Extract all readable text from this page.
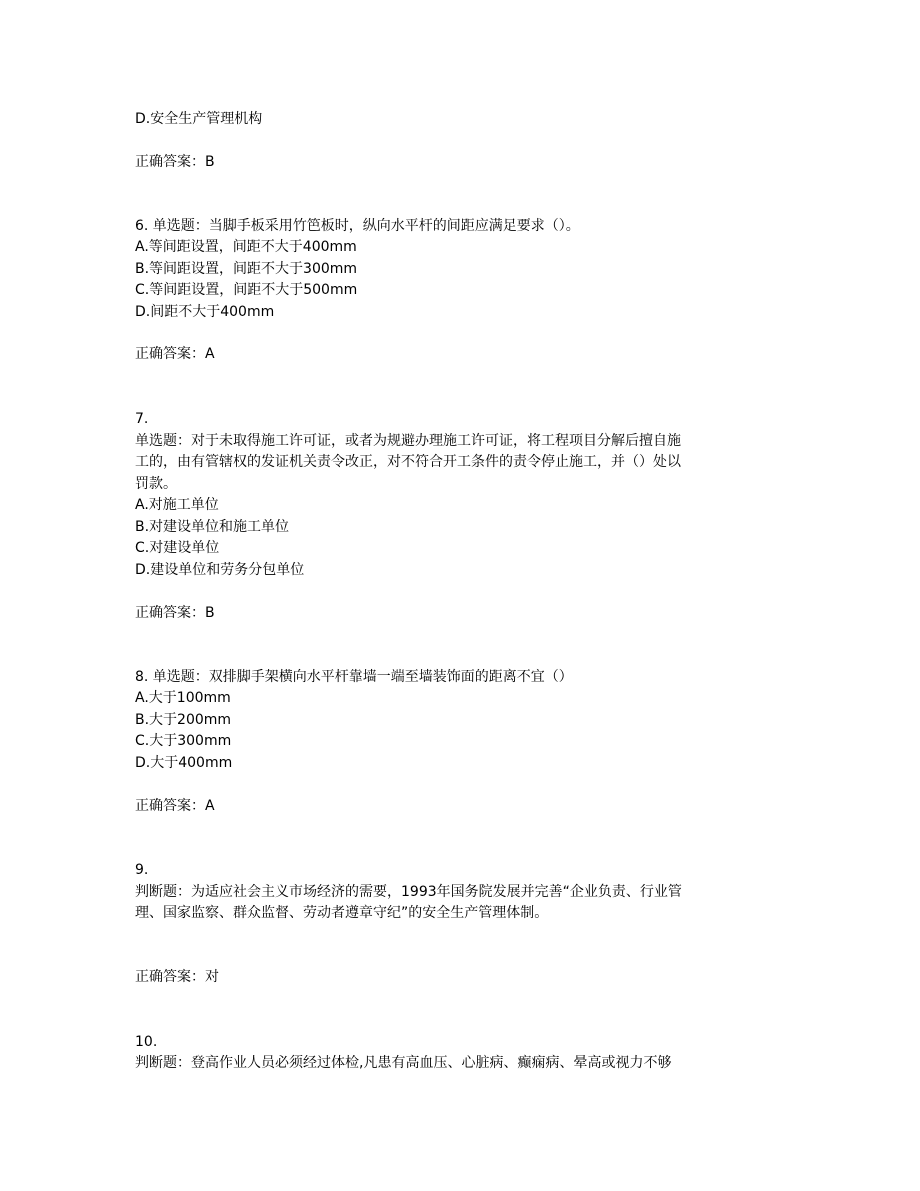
D.安全生产管理机构
正确答案：B
6. 单选题：当脚手板采用竹笆板时，纵向水平杆的间距应满足要求（）。
A.等间距设置，间距不大于400mm
B.等间距设置，间距不大于300mm
C.等间距设置，间距不大于500mm
D.间距不大于400mm
正确答案：A
7.
单选题：对于未取得施工许可证，或者为规避办理施工许可证，将工程项目分解后擅自施
工的，由有管辖权的发证机关责令改正，对不符合开工条件的责令停止施工，并（）处以
罚款。
A.对施工单位
B.对建设单位和施工单位
C.对建设单位
D.建设单位和劳务分包单位
正确答案：B
8. 单选题：双排脚手架横向水平杆靠墙一端至墙装饰面的距离不宜（）
A.大于100mm
B.大于200mm
C.大于300mm
D.大于400mm
正确答案：A
9.
判断题：为适应社会主义市场经济的需要，1993年国务院发展并完善“企业负责、行业管
理、国家监察、群众监督、劳动者遵章守纪”的安全生产管理体制。
正确答案：对
10.
判断题：登高作业人员必须经过体检,凡患有高血压、心脏病、癫痫病、晕高或视力不够
